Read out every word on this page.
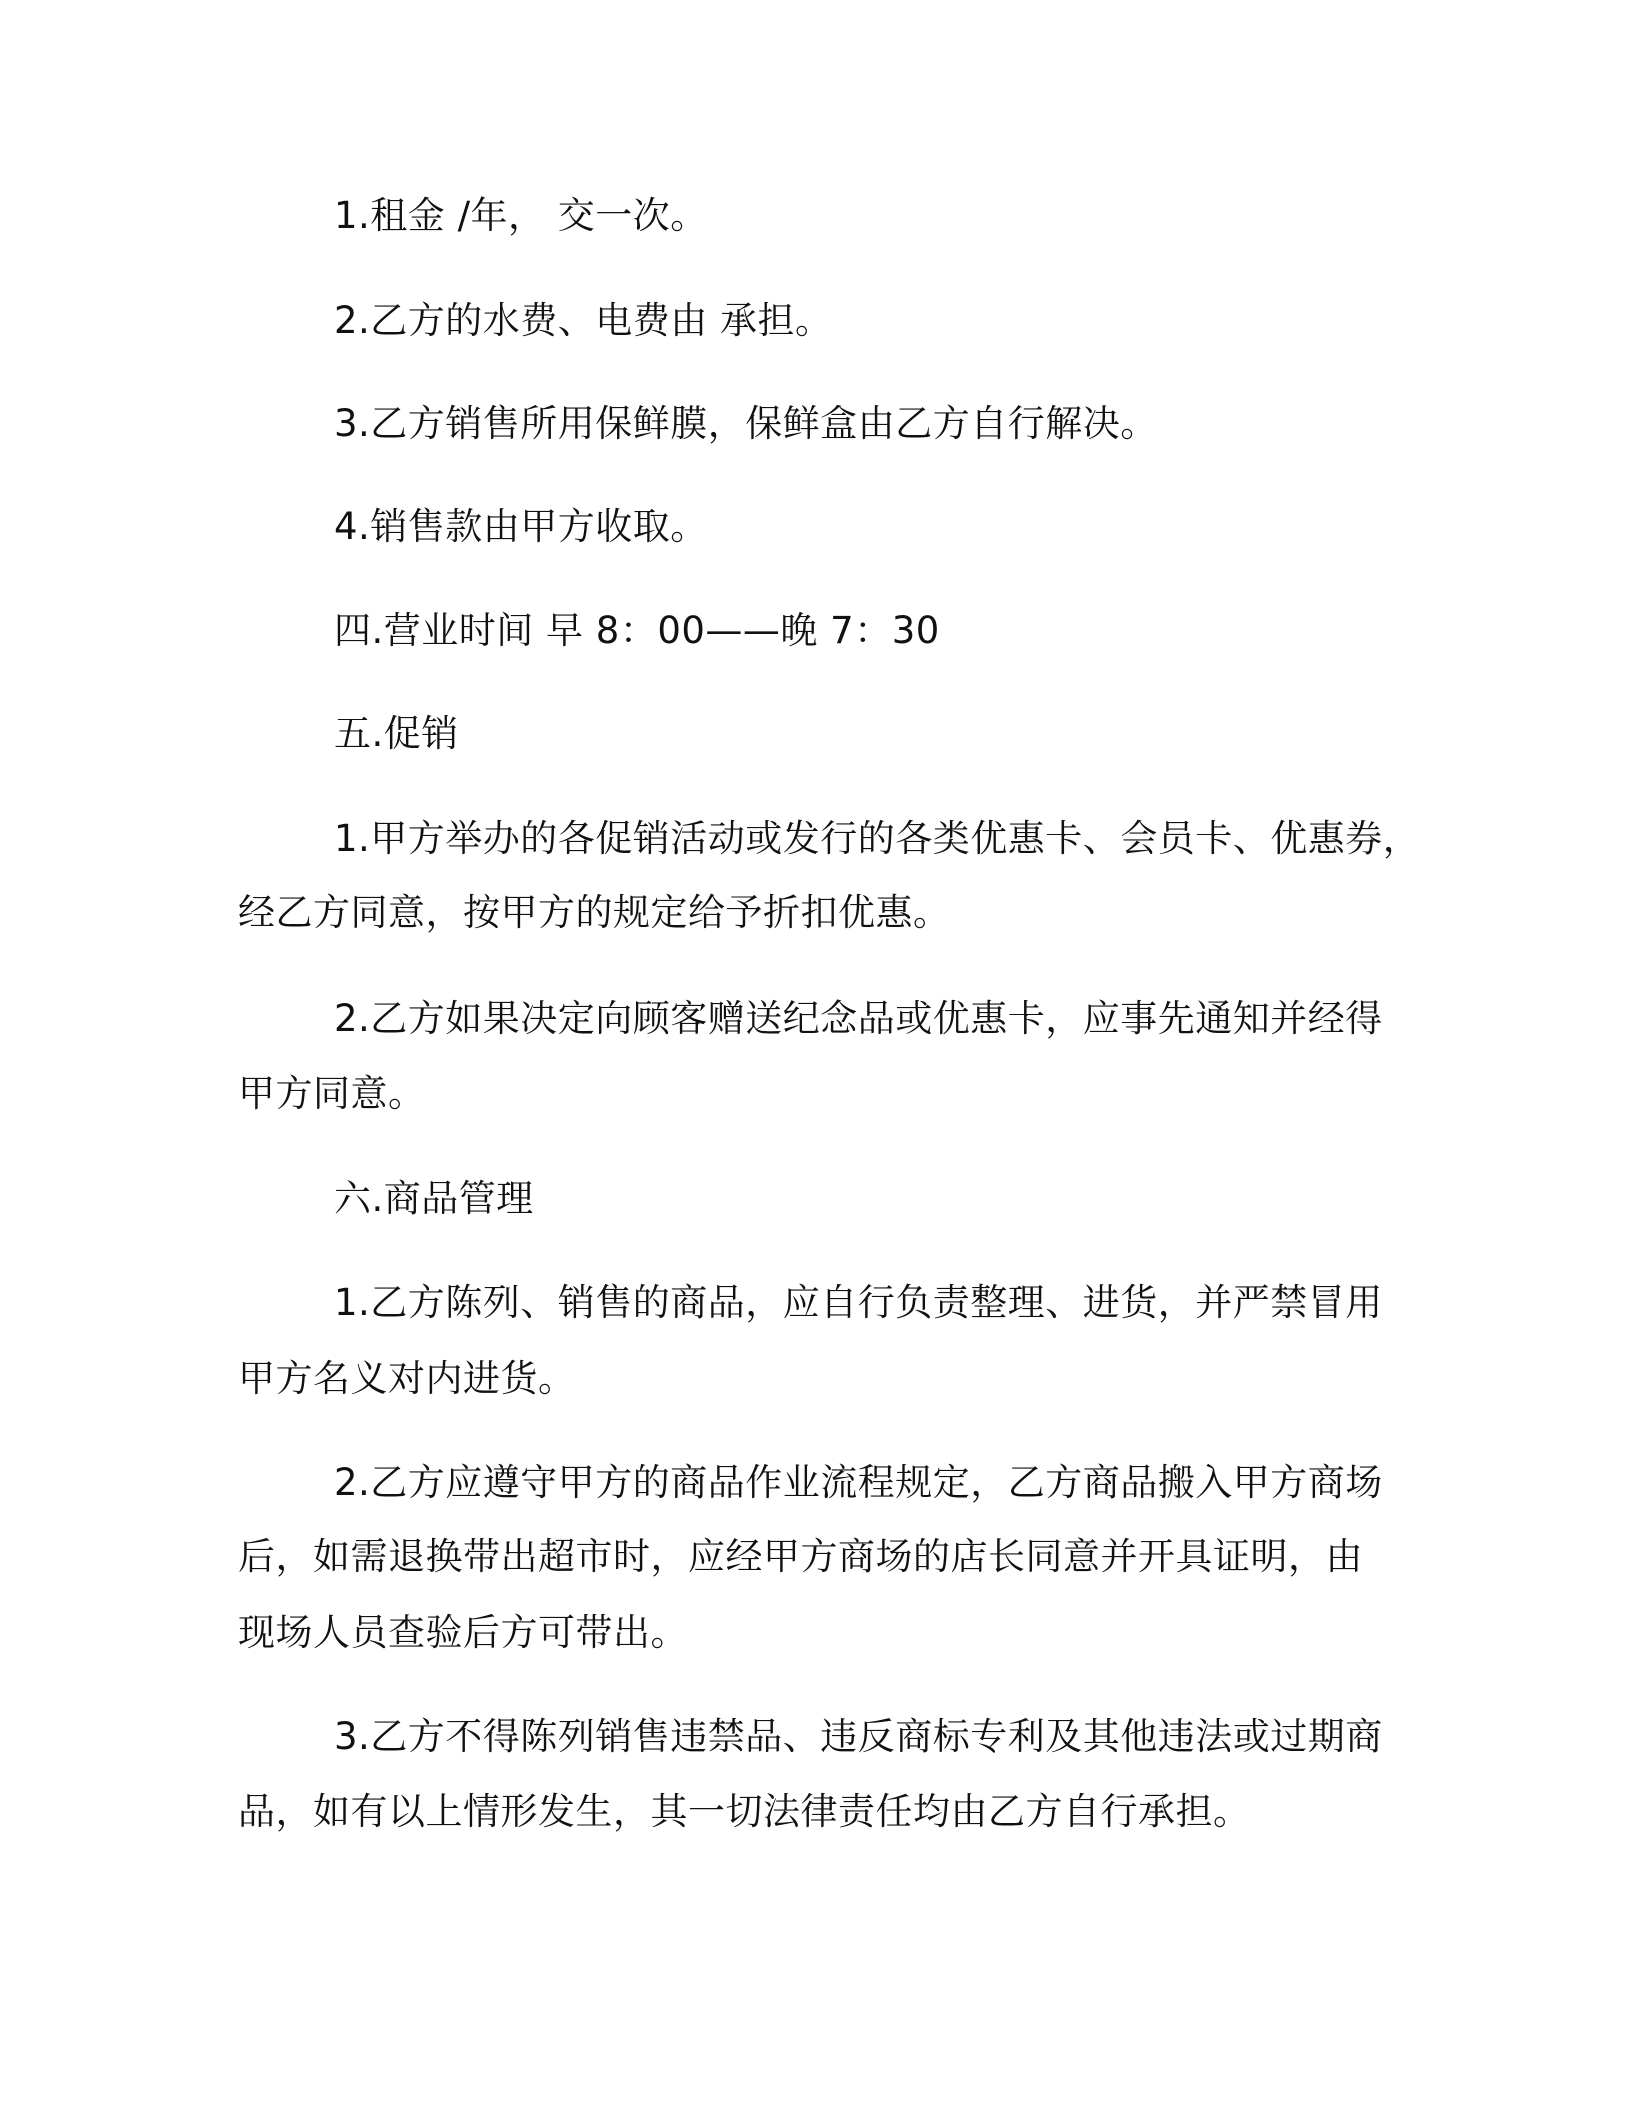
1.租金 /年， 交一次。
2.乙方的水费、电费由 承担。
3.乙方销售所用保鲜膜，保鲜盒由乙方自行解决。
4.销售款由甲方收取。
四.营业时间 早 8：00——晚 7：30
五.促销
1.甲方举办的各促销活动或发行的各类优惠卡、会员卡、优惠券，
经乙方同意，按甲方的规定给予折扣优惠。
2.乙方如果决定向顾客赠送纪念品或优惠卡，应事先通知并经得
甲方同意。
六.商品管理
1.乙方陈列、销售的商品，应自行负责整理、进货，并严禁冒用
甲方名义对内进货。
2.乙方应遵守甲方的商品作业流程规定，乙方商品搬入甲方商场
后，如需退换带出超市时，应经甲方商场的店长同意并开具证明，由
现场人员查验后方可带出。
3.乙方不得陈列销售违禁品、违反商标专利及其他违法或过期商
品，如有以上情形发生，其一切法律责任均由乙方自行承担。
